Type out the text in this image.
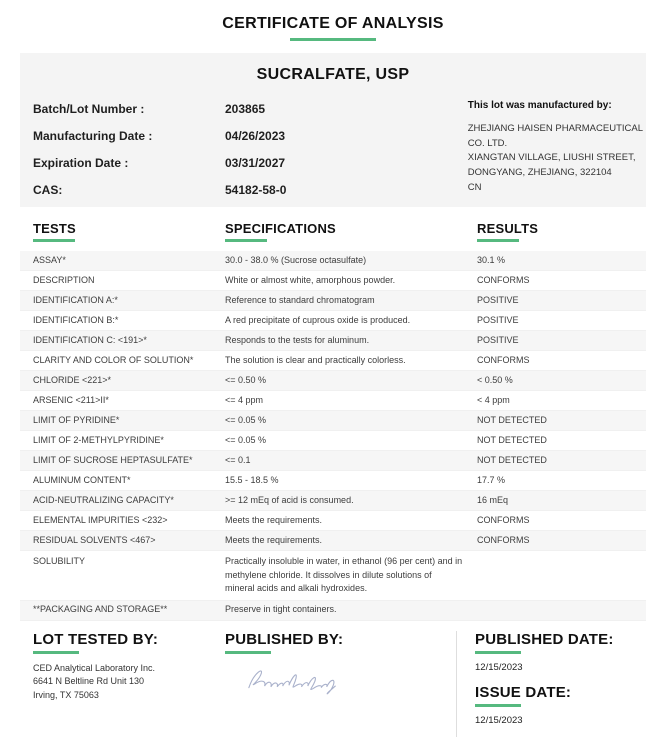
CERTIFICATE OF ANALYSIS
SUCRALFATE, USP
Batch/Lot Number :	203865
Manufacturing Date :	04/26/2023
Expiration Date :	03/31/2027
CAS:	54182-58-0
This lot was manufactured by:
ZHEJIANG HAISEN PHARMACEUTICAL
CO. LTD.
XIANGTAN VILLAGE, LIUSHI STREET,
DONGYANG, ZHEJIANG, 322104
CN
TESTS	SPECIFICATIONS	RESULTS
ASSAY*	30.0 - 38.0 % (Sucrose octasulfate)	30.1 %
DESCRIPTION	White or almost white, amorphous powder.	CONFORMS
IDENTIFICATION A:*	Reference to standard chromatogram	POSITIVE
IDENTIFICATION B:*	A red precipitate of cuprous oxide is produced.	POSITIVE
IDENTIFICATION C: <191>*	Responds to the tests for aluminum.	POSITIVE
CLARITY AND COLOR OF SOLUTION*	The solution is clear and practically colorless.	CONFORMS
CHLORIDE <221>*	<= 0.50 %	< 0.50 %
ARSENIC <211>II*	<= 4 ppm	< 4 ppm
LIMIT OF PYRIDINE*	<= 0.05 %	NOT DETECTED
LIMIT OF 2-METHYLPYRIDINE*	<= 0.05 %	NOT DETECTED
LIMIT OF SUCROSE HEPTASULFATE*	<= 0.1	NOT DETECTED
ALUMINUM CONTENT*	15.5 - 18.5 %	17.7 %
ACID-NEUTRALIZING CAPACITY*	>= 12 mEq of acid is consumed.	16 mEq
ELEMENTAL IMPURITIES <232>	Meets the requirements.	CONFORMS
RESIDUAL SOLVENTS <467>	Meets the requirements.	CONFORMS
SOLUBILITY	Practically insoluble in water, in ethanol (96 per cent) and in methylene chloride. It dissolves in dilute solutions of mineral acids and alkali hydroxides.
**PACKAGING AND STORAGE**	Preserve in tight containers.
LOT TESTED BY:
CED Analytical Laboratory Inc.
6641 N Beltline Rd Unit 130
Irving, TX 75063
PUBLISHED BY:	PUBLISHED DATE:
12/15/2023
ISSUE DATE:
12/15/2023
